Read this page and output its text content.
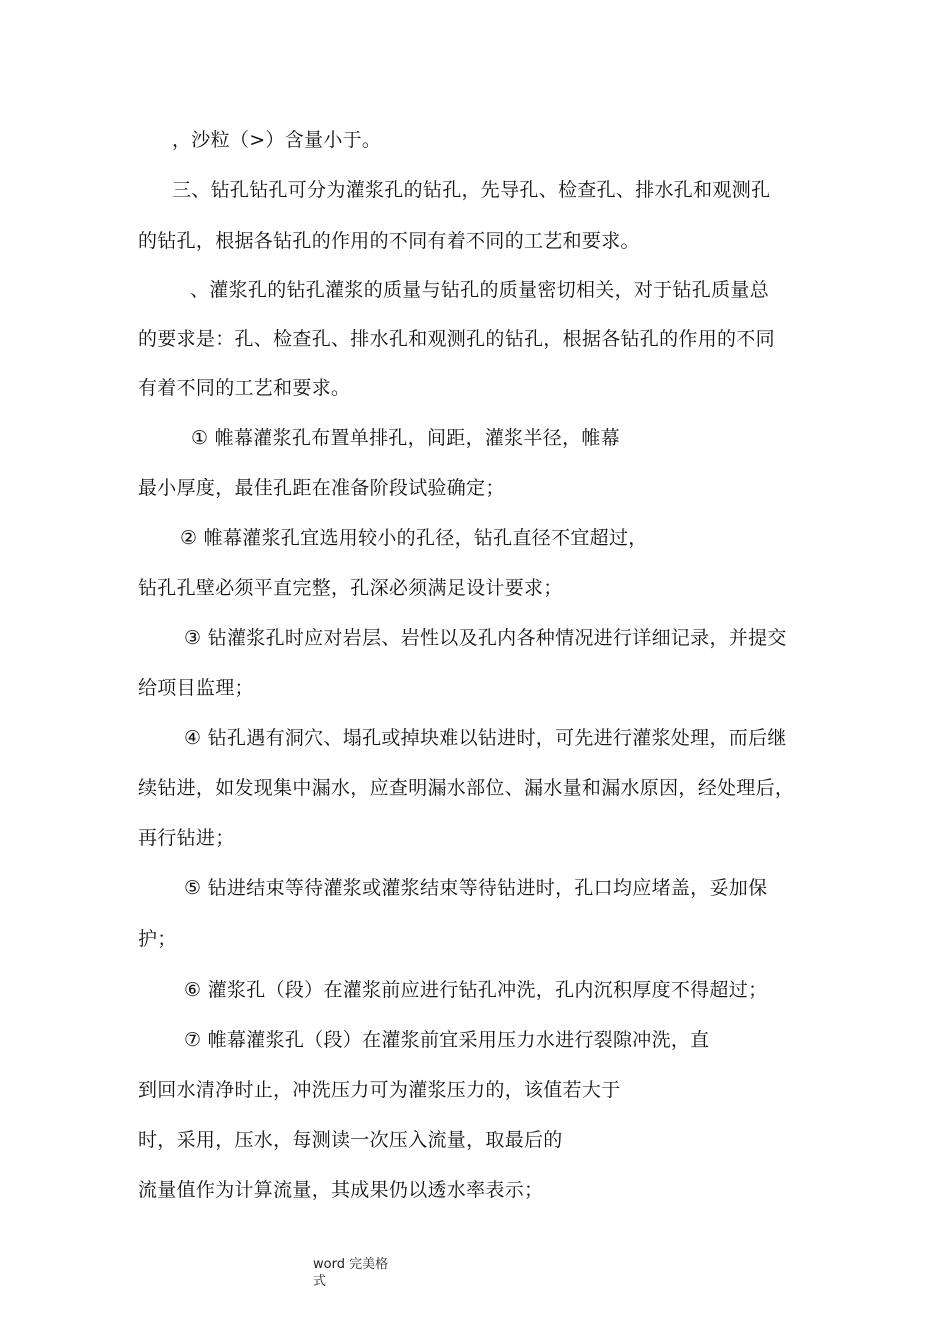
，沙粒（>）含量小于。
三、钻孔钻孔可分为灌浆孔的钻孔，先导孔、检查孔、排水孔和观测孔
的钻孔，根据各钻孔的作用的不同有着不同的工艺和要求。
、灌浆孔的钻孔灌浆的质量与钻孔的质量密切相关，对于钻孔质量总
的要求是：孔、检查孔、排水孔和观测孔的钻孔，根据各钻孔的作用的不同
有着不同的工艺和要求。
① 帷幕灌浆孔布置单排孔，间距，灌浆半径，帷幕
最小厚度，最佳孔距在准备阶段试验确定；
② 帷幕灌浆孔宜选用较小的孔径，钻孔直径不宜超过，
钻孔孔壁必须平直完整，孔深必须满足设计要求；
③ 钻灌浆孔时应对岩层、岩性以及孔内各种情况进行详细记录，并提交
给项目监理；
④ 钻孔遇有洞穴、塌孔或掉块难以钻进时，可先进行灌浆处理，而后继
续钻进，如发现集中漏水，应查明漏水部位、漏水量和漏水原因，经处理后，
再行钻进；
⑤ 钻进结束等待灌浆或灌浆结束等待钻进时，孔口均应堵盖，妥加保
护；
⑥ 灌浆孔（段）在灌浆前应进行钻孔冲洗，孔内沉积厚度不得超过；
⑦ 帷幕灌浆孔（段）在灌浆前宜采用压力水进行裂隙冲洗，直
到回水清净时止，冲洗压力可为灌浆压力的，该值若大于
时，采用，压水，每测读一次压入流量，取最后的
流量值作为计算流量，其成果仍以透水率表示；
word 完美格
式
